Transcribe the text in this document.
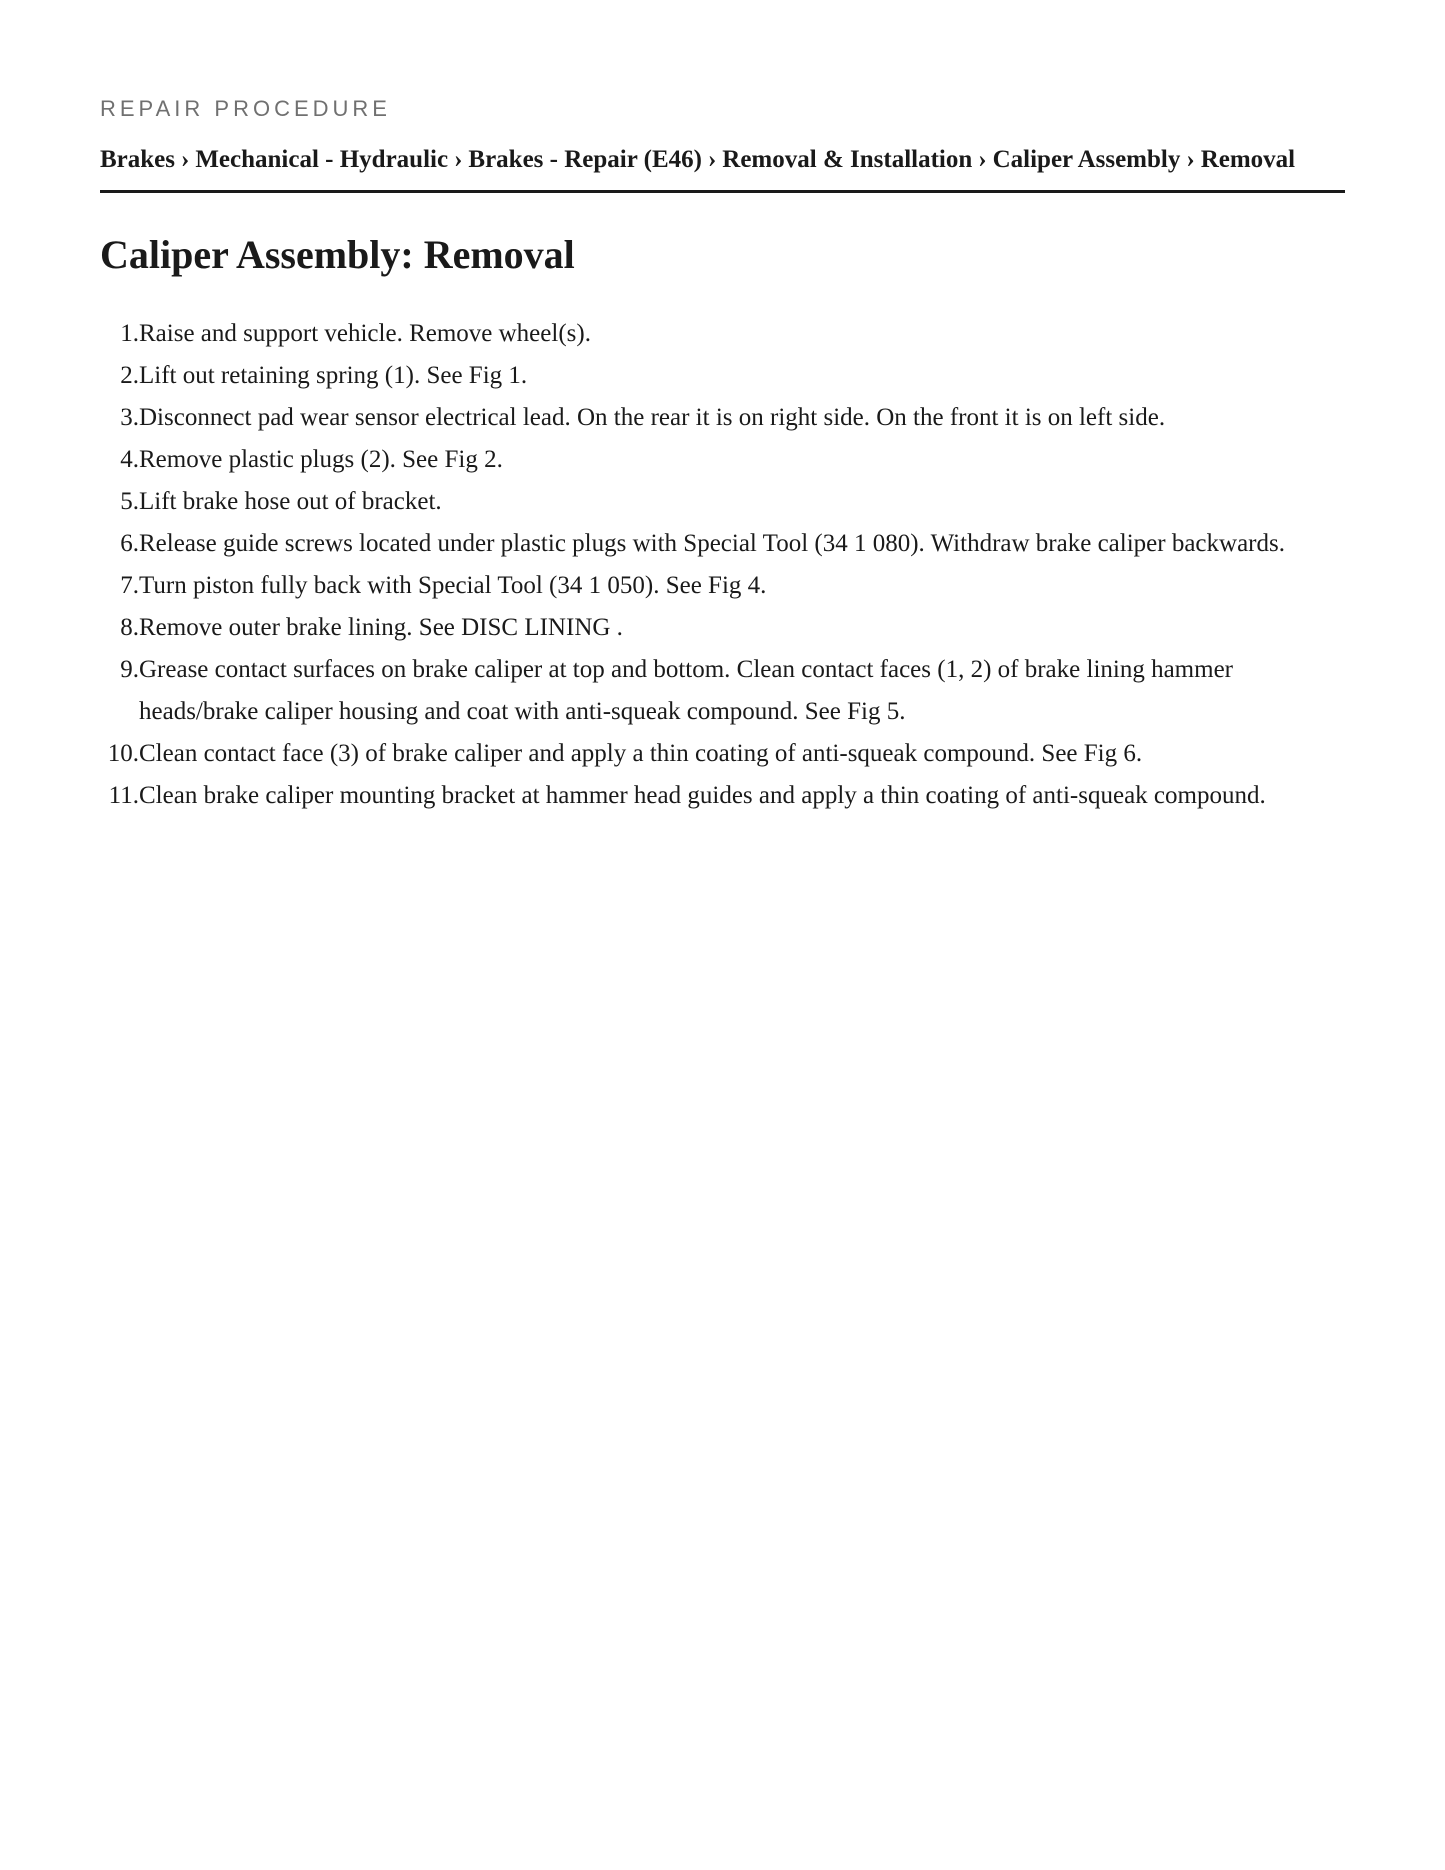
REPAIR PROCEDURE
Brakes › Mechanical - Hydraulic › Brakes - Repair (E46) › Removal & Installation › Caliper Assembly › Removal
Caliper Assembly: Removal
1. Raise and support vehicle. Remove wheel(s).
2. Lift out retaining spring (1). See Fig 1.
3. Disconnect pad wear sensor electrical lead. On the rear it is on right side. On the front it is on left side.
4. Remove plastic plugs (2). See Fig 2.
5. Lift brake hose out of bracket.
6. Release guide screws located under plastic plugs with Special Tool (34 1 080). Withdraw brake caliper backwards.
7. Turn piston fully back with Special Tool (34 1 050). See Fig 4.
8. Remove outer brake lining. See DISC LINING .
9. Grease contact surfaces on brake caliper at top and bottom. Clean contact faces (1, 2) of brake lining hammer heads/brake caliper housing and coat with anti-squeak compound. See Fig 5.
10. Clean contact face (3) of brake caliper and apply a thin coating of anti-squeak compound. See Fig 6.
11. Clean brake caliper mounting bracket at hammer head guides and apply a thin coating of anti-squeak compound.
